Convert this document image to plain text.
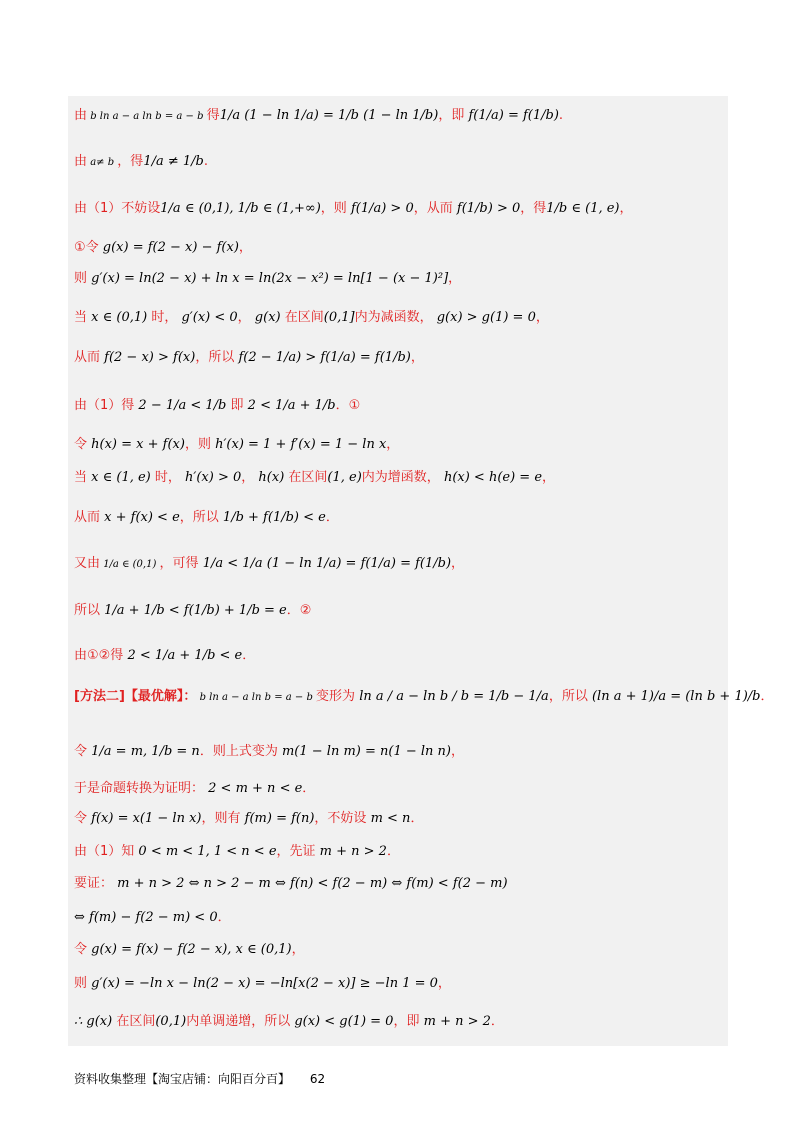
由 b ln a − a ln b = a − b 得1/a (1 − ln 1/a) = 1/b (1 − ln 1/b)，即 f(1/a) = f(1/b).
由 a≠ b ，得1/a ≠ 1/b.
由（1）不妨设1/a ∈ (0,1), 1/b ∈ (1,+∞)，则 f(1/a) > 0，从而 f(1/b) > 0，得1/b ∈ (1, e)，
①令 g(x) = f(2 − x) − f(x)，
则 g′(x) = ln(2 − x) + ln x = ln(2x − x²) = ln[1 − (x − 1)²]，
当 x ∈ (0,1) 时， g′(x) < 0， g(x) 在区间(0,1]内为减函数， g(x) > g(1) = 0，
从而 f(2 − x) > f(x)，所以 f(2 − 1/a) > f(1/a) = f(1/b)，
由（1）得 2 − 1/a < 1/b 即 2 < 1/a + 1/b．①
令 h(x) = x + f(x)，则 h′(x) = 1 + f′(x) = 1 − ln x，
当 x ∈ (1, e) 时， h′(x) > 0， h(x) 在区间(1, e)内为增函数， h(x) < h(e) = e，
从而 x + f(x) < e，所以 1/b + f(1/b) < e．
又由 1/a ∈ (0,1) ，可得 1/a < 1/a (1 − ln 1/a) = f(1/a) = f(1/b)，
所以 1/a + 1/b < f(1/b) + 1/b = e．②
由①②得 2 < 1/a + 1/b < e．
[方法二]【最优解】： b ln a − a ln b = a − b 变形为 ln a / a − ln b / b = 1/b − 1/a，所以 (ln a + 1)/a = (ln b + 1)/b．
令 1/a = m, 1/b = n．则上式变为 m(1 − ln m) = n(1 − ln n)，
于是命题转换为证明： 2 < m + n < e．
令 f(x) = x(1 − ln x)，则有 f(m) = f(n)，不妨设 m < n．
由（1）知 0 < m < 1, 1 < n < e，先证 m + n > 2．
要证： m + n > 2 ⇔ n > 2 − m ⇔ f(n) < f(2 − m) ⇔ f(m) < f(2 − m)
⇔ f(m) − f(2 − m) < 0．
令 g(x) = f(x) − f(2 − x), x ∈ (0,1)，
则 g′(x) = −ln x − ln(2 − x) = −ln[x(2 − x)] ≥ −ln 1 = 0，
∴ g(x) 在区间(0,1)内单调递增，所以 g(x) < g(1) = 0，即 m + n > 2．
资料收集整理【淘宝店铺：向阳百分百】 62
